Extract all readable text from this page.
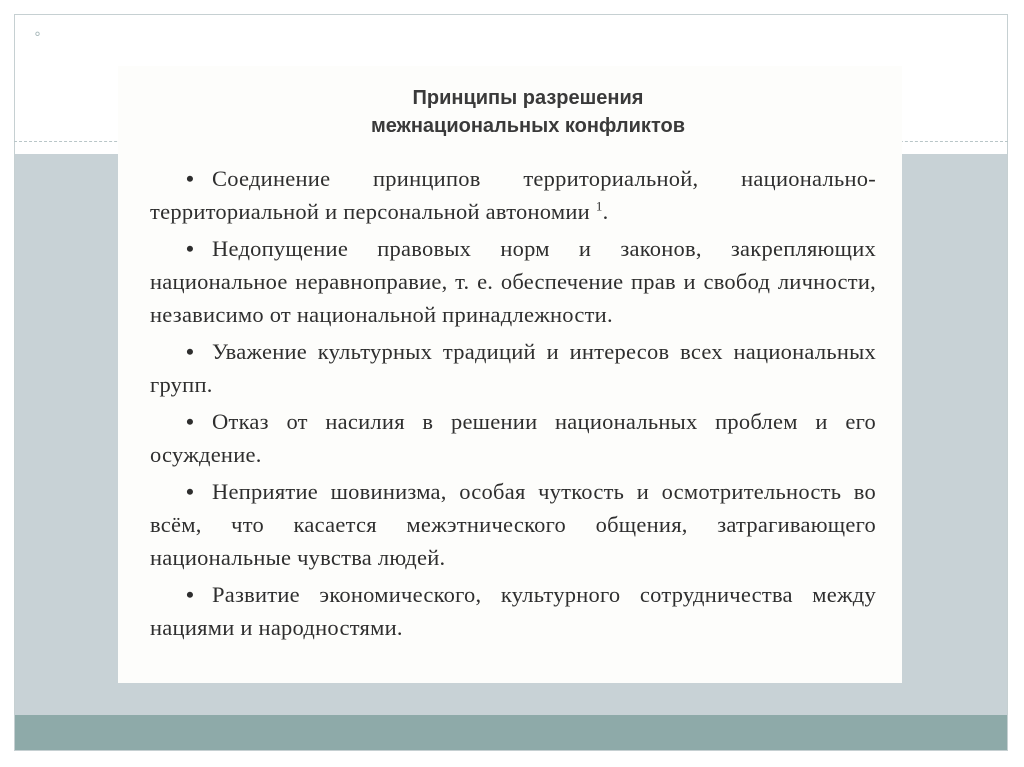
°

Принципы разрешения
межнациональных конфликтов

• Соединение принципов территориальной, национально-территориальной и персональной автономии $^1$.
• Недопущение правовых норм и законов, закрепляющих национальное неравноправие, т. е. обеспечение прав и свобод личности, независимо от национальной принадлежности.
• Уважение культурных традиций и интересов всех национальных групп.
• Отказ от насилия в решении национальных проблем и его осуждение.
• Неприятие шовинизма, особая чуткость и осмотрительность во всём, что касается межэтнического общения, затрагивающего национальные чувства людей.
• Развитие экономического, культурного сотрудничества между нациями и народностями.
